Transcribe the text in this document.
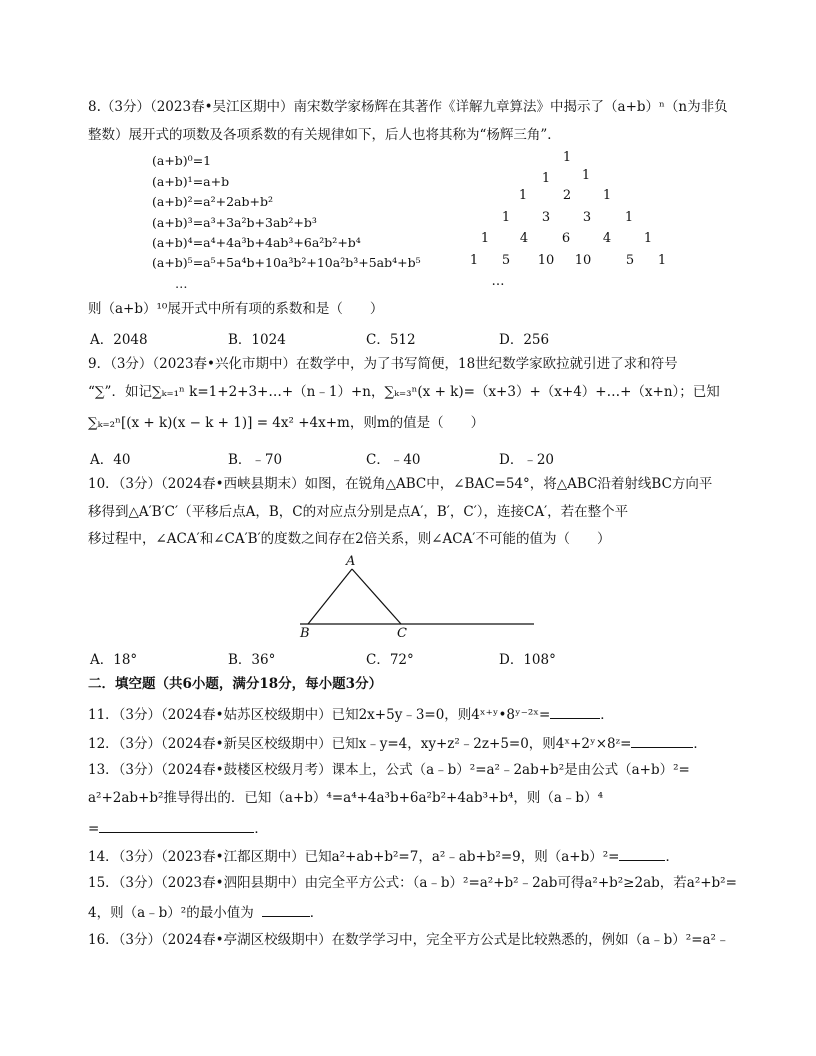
8.（3分）（2023春•吴江区期中）南宋数学家杨辉在其著作《详解九章算法》中揭示了（a+b）ⁿ（n为非负
整数）展开式的项数及各项系数的有关规律如下，后人也将其称为“杨辉三角”．
(a+b)⁰=1
(a+b)¹=a+b
(a+b)²=a²+2ab+b²
(a+b)³=a³+3a²b+3ab²+b³
(a+b)⁴=a⁴+4a³b+4ab³+6a²b²+b⁴
(a+b)⁵=a⁵+5a⁴b+10a³b²+10a²b³+5ab⁴+b⁵
…
1
1	1
1	2	1
1	3	3	1
1	4	6	4	1
1	5	10 10	5	1
…
则（a+b）¹⁰展开式中所有项的系数和是（　　）
A．2048	B．1024	C．512	D．256
9．（3分）（2023春•兴化市期中）在数学中，为了书写简便，18世纪数学家欧拉就引进了求和符号
“∑”．如记∑ₖ₌₁ⁿ k=1+2+3+…+（n﹣1）+n，∑ₖ₌₃ⁿ(x + k)=（x+3）+（x+4）+…+（x+n）；已知
∑ₖ₌₂ⁿ[(x + k)(x − k + 1)] = 4x² +4x+m，则m的值是（　　）
A．40	B．﹣70	C．﹣40	D．﹣20
10．（3分）（2024春•西峡县期末）如图，在锐角△ABC中，∠BAC=54°，将△ABC沿着射线BC方向平
移得到△A′B′C′（平移后点A，B，C的对应点分别是点A′，B′，C′），连接CA′，若在整个平
移过程中，∠ACA′和∠CA′B′的度数之间存在2倍关系，则∠ACA′不可能的值为（　　）
A
B	C
A．18°	B．36°	C．72°	D．108°
二．填空题（共6小题，满分18分，每小题3分）
11．（3分）（2024春•姑苏区校级期中）已知2x+5y﹣3=0，则4ˣ⁺ʸ•8ʸ⁻²ˣ=	．
12．（3分）（2024春•新吴区校级期中）已知x﹣y=4，xy+z²﹣2z+5=0，则4ˣ+2ʸ×8ᶻ=	．
13．（3分）（2024春•鼓楼区校级月考）课本上，公式（a﹣b）²=a²﹣2ab+b²是由公式（a+b）²=
a²+2ab+b²推导得出的．已知（a+b）⁴=a⁴+4a³b+6a²b²+4ab³+b⁴，则（a﹣b）⁴
=	．
14．（3分）（2023春•江都区期中）已知a²+ab+b²=7，a²﹣ab+b²=9，则（a+b）²=	．
15．（3分）（2023春•泗阳县期中）由完全平方公式：（a﹣b）²=a²+b²﹣2ab可得a²+b²≥2ab，若a²+b²=
4，则（a﹣b）²的最小值为	．
16．（3分）（2024春•亭湖区校级期中）在数学学习中，完全平方公式是比较熟悉的，例如（a﹣b）²=a²﹣
